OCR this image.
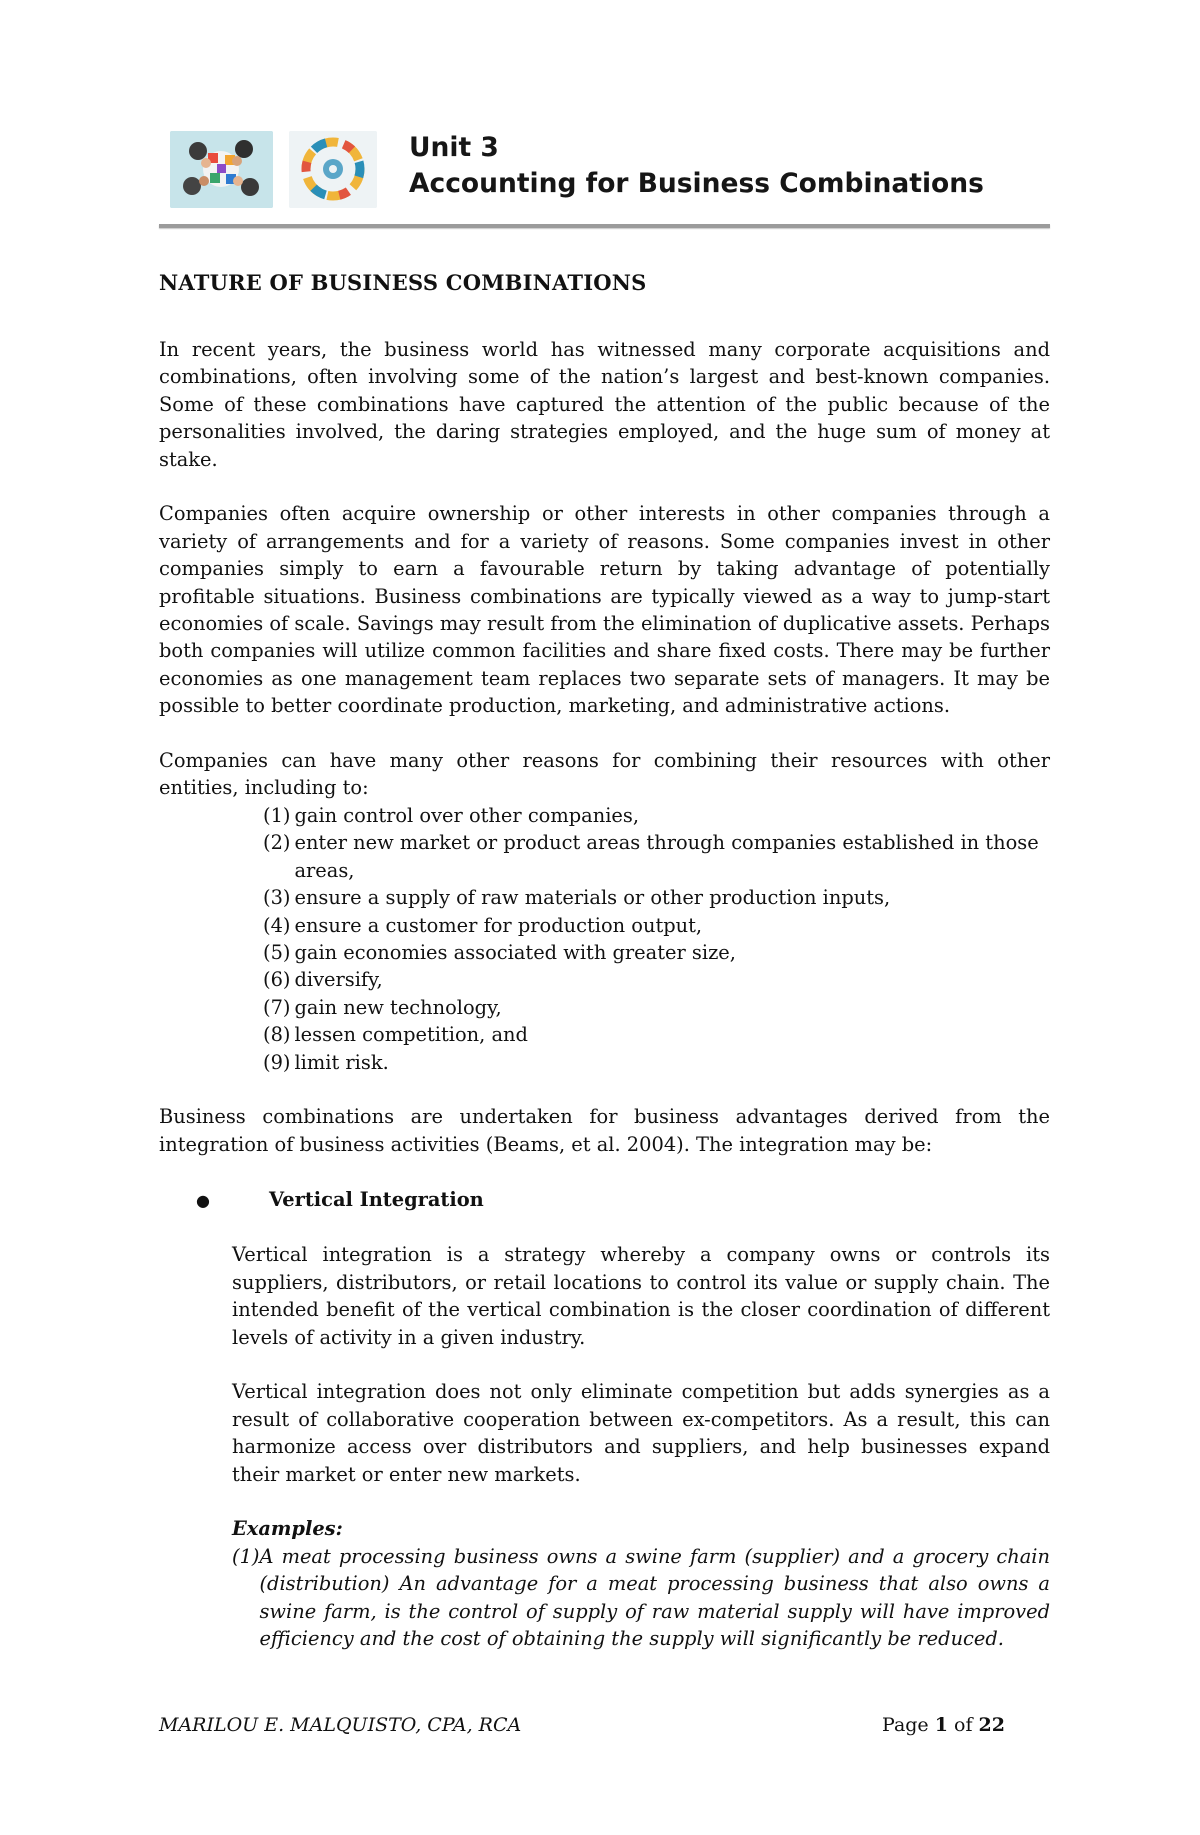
Unit 3
Accounting for Business Combinations
NATURE OF BUSINESS COMBINATIONS

In recent years, the business world has witnessed many corporate acquisitions and combinations, often involving some of the nation’s largest and best-known companies. Some of these combinations have captured the attention of the public because of the personalities involved, the daring strategies employed, and the huge sum of money at stake.

Companies often acquire ownership or other interests in other companies through a variety of arrangements and for a variety of reasons. Some companies invest in other companies simply to earn a favourable return by taking advantage of potentially profitable situations. Business combinations are typically viewed as a way to jump-start economies of scale. Savings may result from the elimination of duplicative assets. Perhaps both companies will utilize common facilities and share fixed costs. There may be further economies as one management team replaces two separate sets of managers. It may be possible to better coordinate production, marketing, and administrative actions.

Companies can have many other reasons for combining their resources with other entities, including to:

(1) gain control over other companies,
(2) enter new market or product areas through companies established in those areas,
(3) ensure a supply of raw materials or other production inputs,
(4) ensure a customer for production output,
(5) gain economies associated with greater size,
(6) diversify,
(7) gain new technology,
(8) lessen competition, and
(9) limit risk.

Business combinations are undertaken for business advantages derived from the integration of business activities (Beams, et al. 2004). The integration may be:

●	Vertical Integration

Vertical integration is a strategy whereby a company owns or controls its suppliers, distributors, or retail locations to control its value or supply chain. The intended benefit of the vertical combination is the closer coordination of different levels of activity in a given industry.

Vertical integration does not only eliminate competition but adds synergies as a result of collaborative cooperation between ex-competitors. As a result, this can harmonize access over distributors and suppliers, and help businesses expand their market or enter new markets.

Examples:
(1) A meat processing business owns a swine farm (supplier) and a grocery chain (distribution) An advantage for a meat processing business that also owns a swine farm, is the control of supply of raw material supply will have improved efficiency and the cost of obtaining the supply will significantly be reduced.
MARILOU E. MALQUISTO, CPA, RCA	Page 1 of 22
